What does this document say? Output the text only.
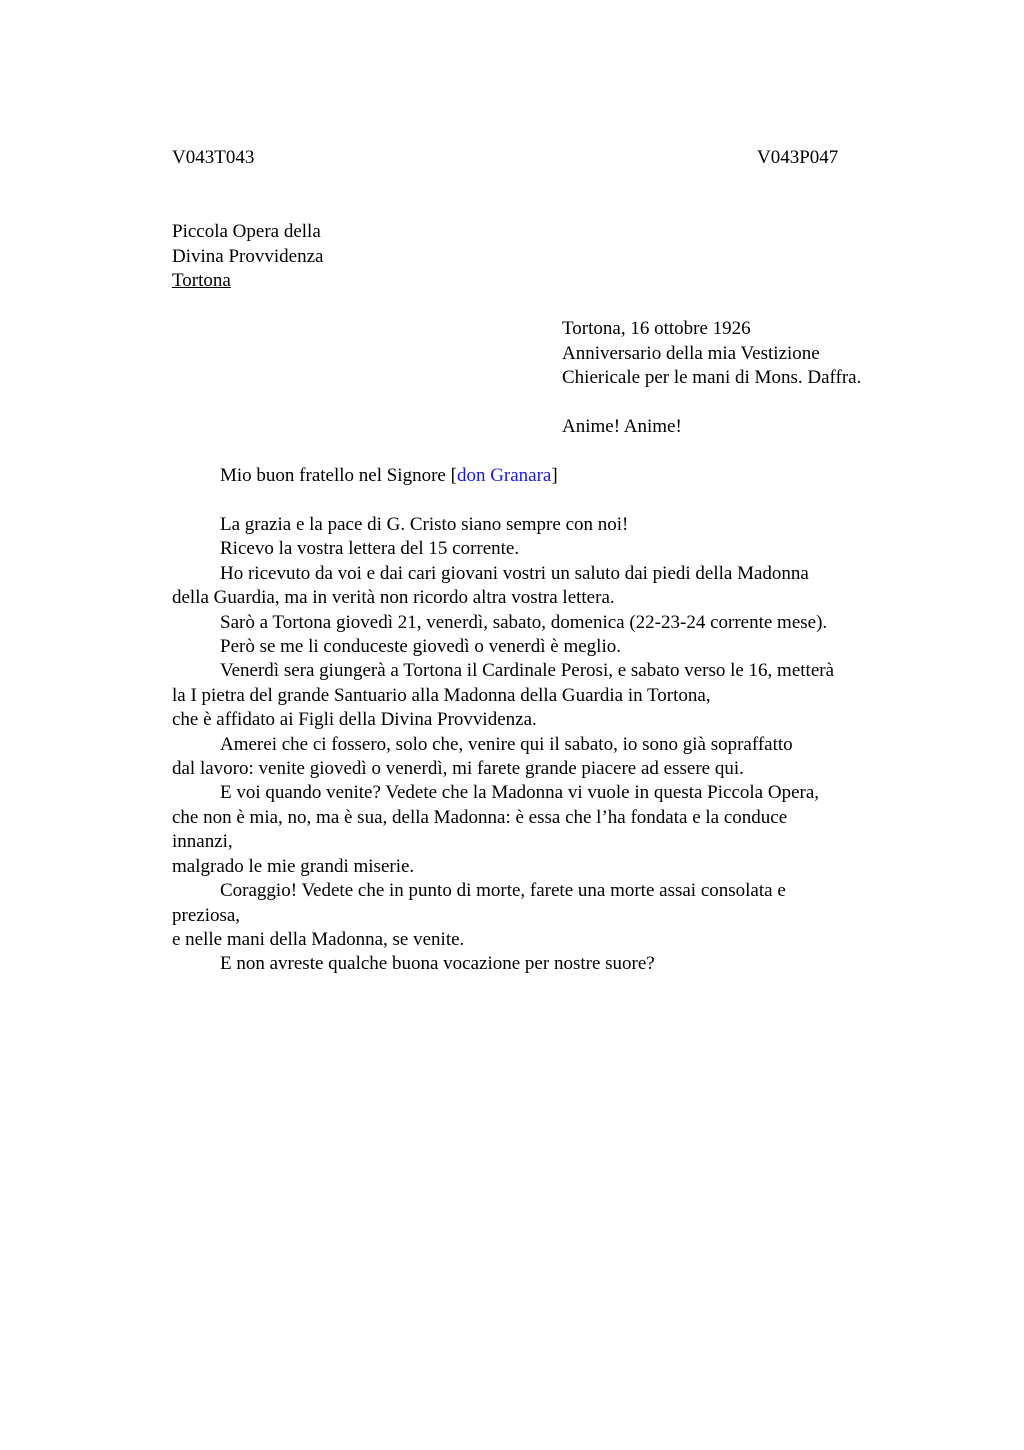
V043T043	V043P047
Piccola Opera della
Divina Provvidenza
Tortona
Tortona, 16 ottobre 1926
Anniversario della mia Vestizione
Chiericale per le mani di Mons. Daffra.
Anime! Anime!
Mio buon fratello nel Signore [don Granara]
La grazia e la pace di G. Cristo siano sempre con noi!
Ricevo la vostra lettera del 15 corrente.
Ho ricevuto da voi e dai cari giovani vostri un saluto dai piedi della Madonna
della Guardia, ma in verità non ricordo altra vostra lettera.
Sarò a Tortona giovedì 21, venerdì, sabato, domenica (22-23-24 corrente mese).
Però se me li conduceste giovedì o venerdì è meglio.
Venerdì sera giungerà a Tortona il Cardinale Perosi, e sabato verso le 16, metterà
la I pietra del grande Santuario alla Madonna della Guardia in Tortona,
che è affidato ai Figli della Divina Provvidenza.
Amerei che ci fossero, solo che, venire qui il sabato, io sono già sopraffatto
dal lavoro: venite giovedì o venerdì, mi farete grande piacere ad essere qui.
E voi quando venite? Vedete che la Madonna vi vuole in questa Piccola Opera,
che non è mia, no, ma è sua, della Madonna: è essa che l’ha fondata e la conduce
innanzi,
malgrado le mie grandi miserie.
Coraggio! Vedete che in punto di morte, farete una morte assai consolata e
preziosa,
e nelle mani della Madonna, se venite.
E non avreste qualche buona vocazione per nostre suore?
